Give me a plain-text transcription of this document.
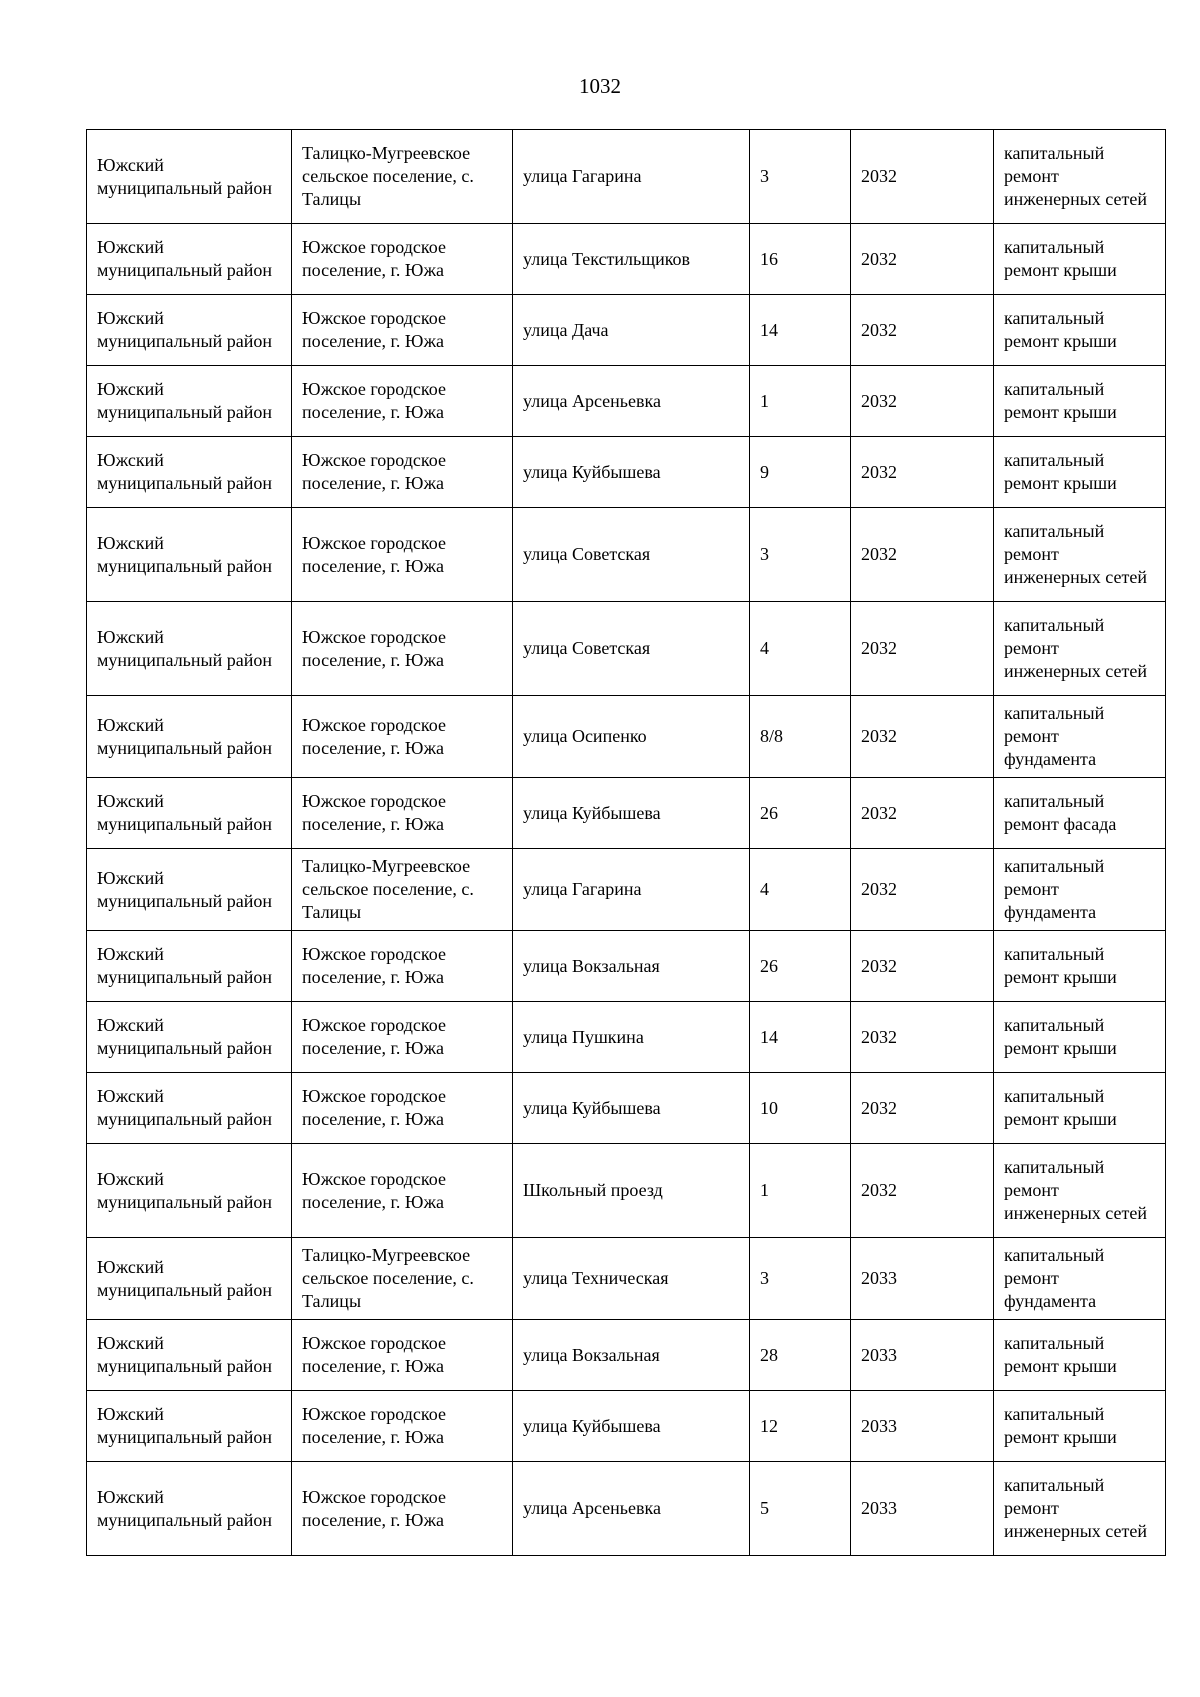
1032
Южский муниципальный район	Талицко-Мугреевское сельское поселение, с. Талицы	улица Гагарина	3	2032	капитальный ремонт инженерных сетей

Южский муниципальный район	Южское городское поселение, г. Южа	улица Текстильщиков	16	2032	капитальный ремонт крыши

Южский муниципальный район	Южское городское поселение, г. Южа	улица Дача	14	2032	капитальный ремонт крыши

Южский муниципальный район	Южское городское поселение, г. Южа	улица Арсеньевка	1	2032	капитальный ремонт крыши

Южский муниципальный район	Южское городское поселение, г. Южа	улица Куйбышева	9	2032	капитальный ремонт крыши

Южский муниципальный район	Южское городское поселение, г. Южа	улица Советская	3	2032	капитальный ремонт инженерных сетей

Южский муниципальный район	Южское городское поселение, г. Южа	улица Советская	4	2032	капитальный ремонт инженерных сетей

Южский муниципальный район	Южское городское поселение, г. Южа	улица Осипенко	8/8	2032	капитальный ремонт фундамента

Южский муниципальный район	Южское городское поселение, г. Южа	улица Куйбышева	26	2032	капитальный ремонт фасада

Южский муниципальный район	Талицко-Мугреевское сельское поселение, с. Талицы	улица Гагарина	4	2032	капитальный ремонт фундамента

Южский муниципальный район	Южское городское поселение, г. Южа	улица Вокзальная	26	2032	капитальный ремонт крыши

Южский муниципальный район	Южское городское поселение, г. Южа	улица Пушкина	14	2032	капитальный ремонт крыши

Южский муниципальный район	Южское городское поселение, г. Южа	улица Куйбышева	10	2032	капитальный ремонт крыши

Южский муниципальный район	Южское городское поселение, г. Южа	Школьный проезд	1	2032	капитальный ремонт инженерных сетей

Южский муниципальный район	Талицко-Мугреевское сельское поселение, с. Талицы	улица Техническая	3	2033	капитальный ремонт фундамента

Южский муниципальный район	Южское городское поселение, г. Южа	улица Вокзальная	28	2033	капитальный ремонт крыши

Южский муниципальный район	Южское городское поселение, г. Южа	улица Куйбышева	12	2033	капитальный ремонт крыши

Южский муниципальный район	Южское городское поселение, г. Южа	улица Арсеньевка	5	2033	капитальный ремонт инженерных сетей
